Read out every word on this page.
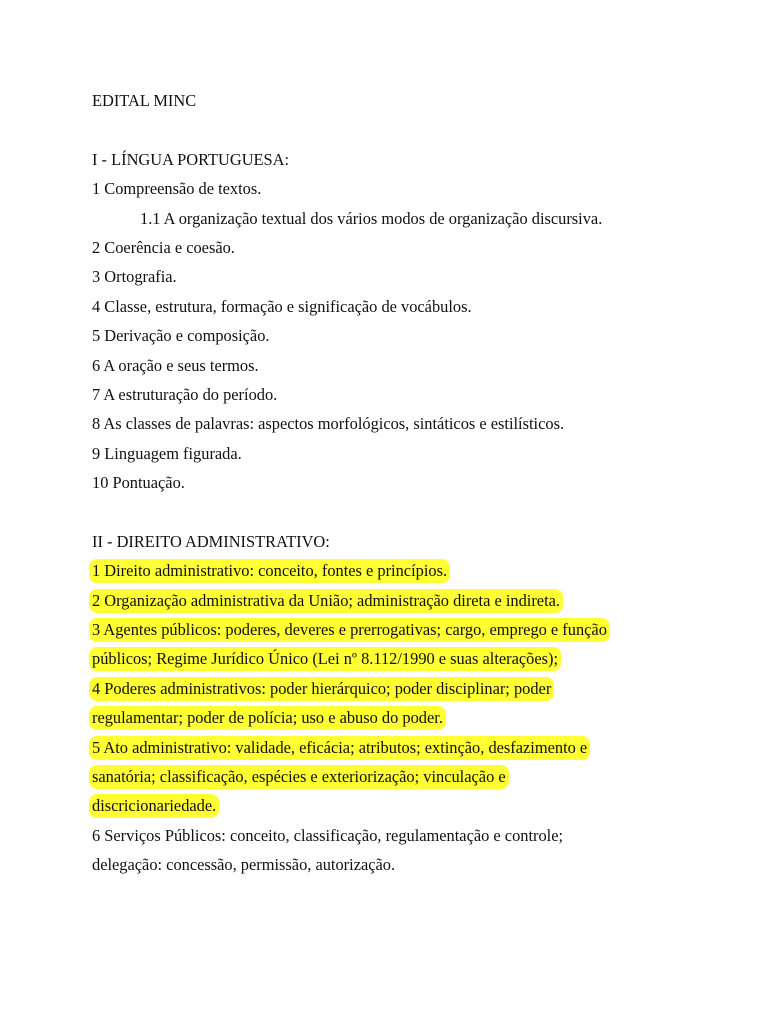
EDITAL MINC
I - LÍNGUA PORTUGUESA:
1 Compreensão de textos.
1.1 A organização textual dos vários modos de organização discursiva.
2 Coerência e coesão.
3 Ortografia.
4 Classe, estrutura, formação e significação de vocábulos.
5 Derivação e composição.
6 A oração e seus termos.
7 A estruturação do período.
8 As classes de palavras: aspectos morfológicos, sintáticos e estilísticos.
9 Linguagem figurada.
10 Pontuação.
II - DIREITO ADMINISTRATIVO:
1 Direito administrativo: conceito, fontes e princípios.
2 Organização administrativa da União; administração direta e indireta.
3 Agentes públicos: poderes, deveres e prerrogativas; cargo, emprego e função
públicos; Regime Jurídico Único (Lei nº 8.112/1990 e suas alterações);
4 Poderes administrativos: poder hierárquico; poder disciplinar; poder
regulamentar; poder de polícia; uso e abuso do poder.
5 Ato administrativo: validade, eficácia; atributos; extinção, desfazimento e
sanatória; classificação, espécies e exteriorização; vinculação e
discricionariedade.
6 Serviços Públicos: conceito, classificação, regulamentação e controle;
delegação: concessão, permissão, autorização.
